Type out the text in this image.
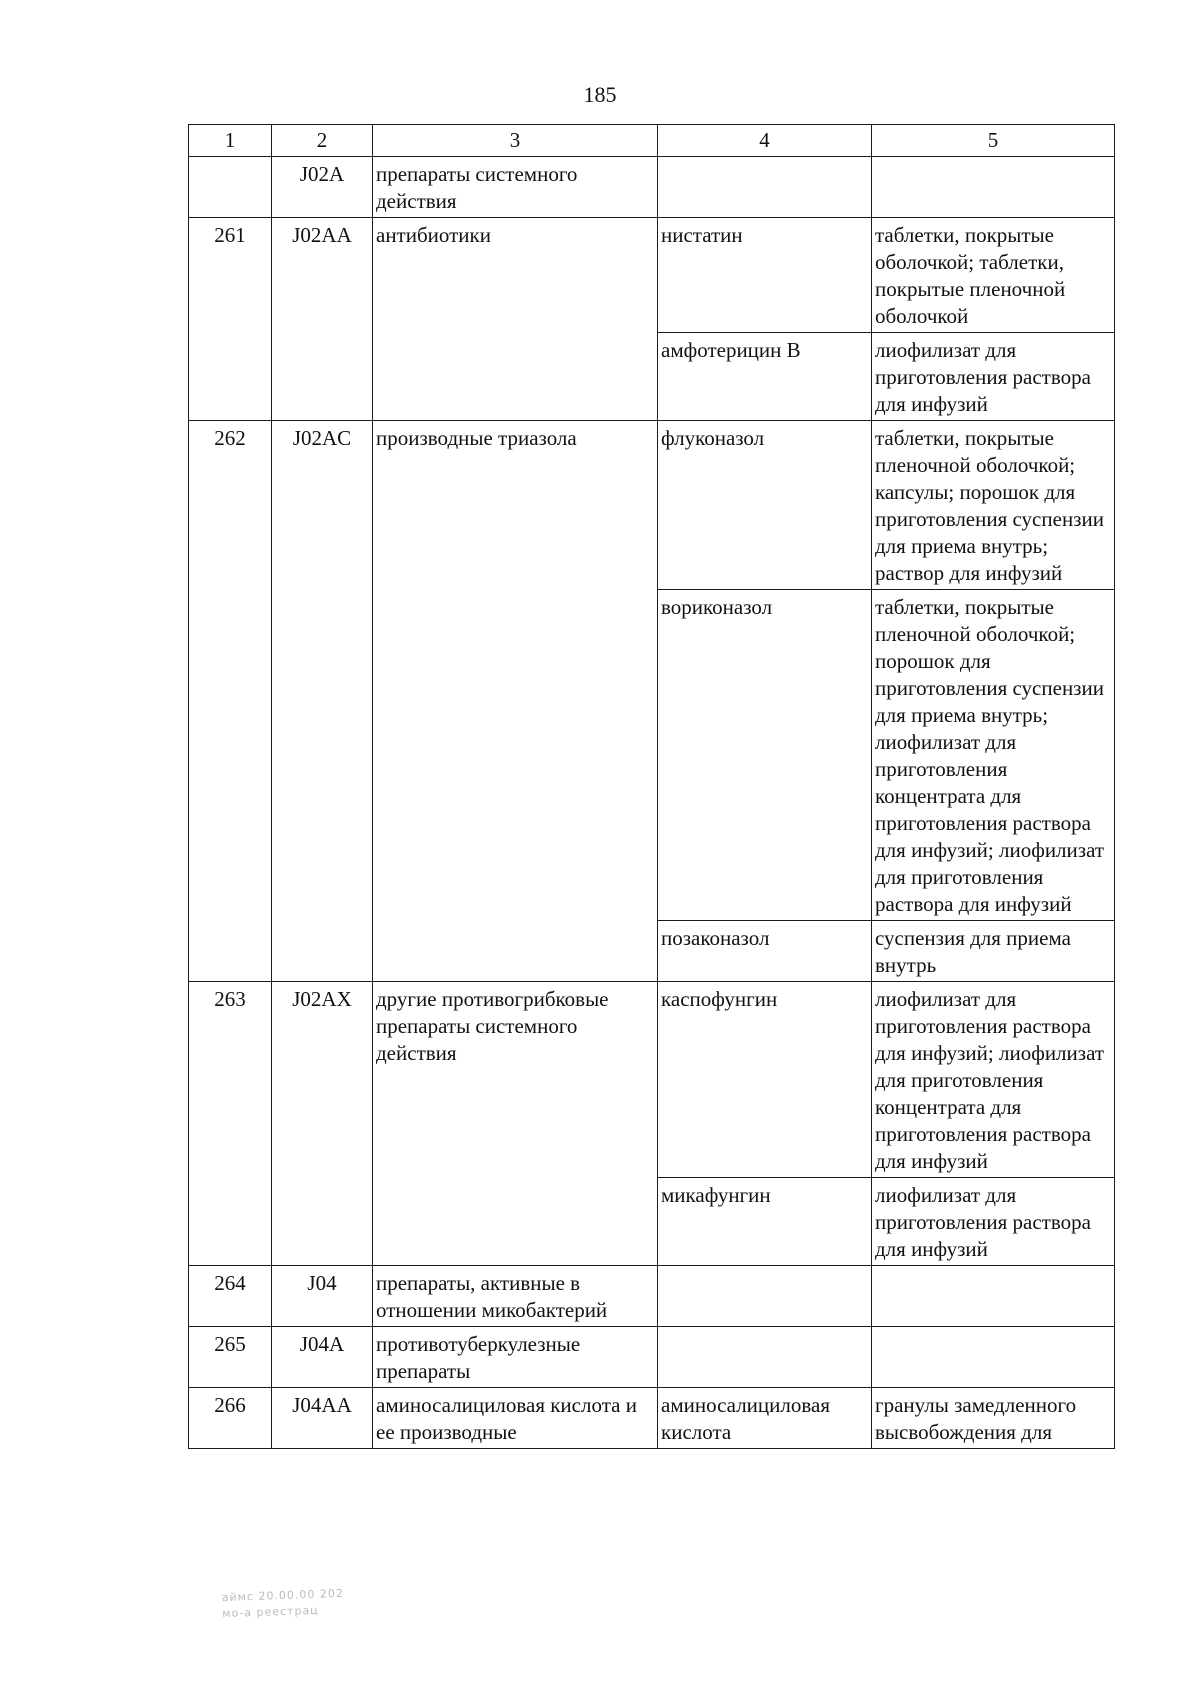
185
1	2	3	4	5
	J02A	препараты системного действия		
261	J02AA	антибиотики	нистатин	таблетки, покрытые оболочкой; таблетки, покрытые пленочной оболочкой
			амфотерицин В	лиофилизат для приготовления раствора для инфузий
262	J02AC	производные триазола	флуконазол	таблетки, покрытые пленочной оболочкой; капсулы; порошок для приготовления суспензии для приема внутрь; раствор для инфузий
			вориконазол	таблетки, покрытые пленочной оболочкой; порошок для приготовления суспензии для приема внутрь; лиофилизат для приготовления концентрата для приготовления раствора для инфузий; лиофилизат для приготовления раствора для инфузий
			позаконазол	суспензия для приема внутрь
263	J02AX	другие противогрибковые препараты системного действия	каспофунгин	лиофилизат для приготовления раствора для инфузий; лиофилизат для приготовления концентрата для приготовления раствора для инфузий
			микафунгин	лиофилизат для приготовления раствора для инфузий
264	J04	препараты, активные в отношении микобактерий		
265	J04A	противотуберкулезные препараты		
266	J04AA	аминосалициловая кислота и ее производные	аминосалициловая кислота	гранулы замедленного высвобождения для
аймс 20.00.00 202
мо-а реестрац
